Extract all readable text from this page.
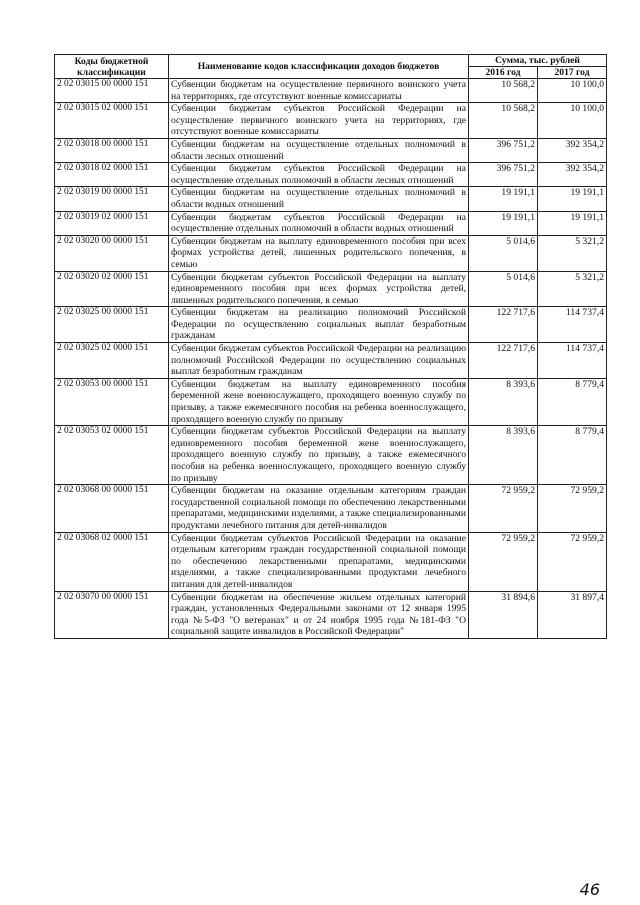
Коды бюджетной классификации	Наименование кодов классификации доходов бюджетов	Сумма, тыс. рублей	
		2016 год	2017 год
2 02 03015 00 0000 151	Субвенции бюджетам на осуществление первичного воинского учета на территориях, где отсутствуют военные комиссариаты	10 568,2	10 100,0
2 02 03015 02 0000 151	Субвенции бюджетам субъектов Российской Федерации на осуществление первичного воинского учета на территориях, где отсутствуют военные комиссариаты	10 568,2	10 100,0
2 02 03018 00 0000 151	Субвенции бюджетам на осуществление отдельных полномочий в области лесных отношений	396 751,2	392 354,2
2 02 03018 02 0000 151	Субвенции бюджетам субъектов Российской Федерации на осуществление отдельных полномочий в области лесных отношений	396 751,2	392 354,2
2 02 03019 00 0000 151	Субвенции бюджетам на осуществление отдельных полномочий в области водных отношений	19 191,1	19 191,1
2 02 03019 02 0000 151	Субвенции бюджетам субъектов Российской Федерации на осуществление отдельных полномочий в области водных отношений	19 191,1	19 191,1
2 02 03020 00 0000 151	Субвенции бюджетам на выплату единовременного пособия при всех формах устройства детей, лишенных родительского попечения, в семью	5 014,6	5 321,2
2 02 03020 02 0000 151	Субвенции бюджетам субъектов Российской Федерации на выплату единовременного пособия при всех формах устройства детей, лишенных родительского попечения, в семью	5 014,6	5 321,2
2 02 03025 00 0000 151	Субвенции бюджетам на реализацию полномочий Российской Федерации по осуществлению социальных выплат безработным гражданам	122 717,6	114 737,4
2 02 03025 02 0000 151	Субвенции бюджетам субъектов Российской Федерации на реализацию полномочий Российской Федерации по осуществлению социальных выплат безработным гражданам	122 717,6	114 737,4
2 02 03053 00 0000 151	Субвенции бюджетам на выплату единовременного пособия беременной жене военнослужащего, проходящего военную службу по призыву, а также ежемесячного пособия на ребенка военнослужащего, проходящего военную службу по призыву	8 393,6	8 779,4
2 02 03053 02 0000 151	Субвенции бюджетам субъектов Российской Федерации на выплату единовременного пособия беременной жене военнослужащего, проходящего военную службу по призыву, а также ежемесячного пособия на ребенка военнослужащего, проходящего военную службу по призыву	8 393,6	8 779,4
2 02 03068 00 0000 151	Субвенции бюджетам на оказание отдельным категориям граждан государственной социальной помощи по обеспечению лекарственными препаратами, медицинскими изделиями, а также специализированными продуктами лечебного питания для детей-инвалидов	72 959,2	72 959,2
2 02 03068 02 0000 151	Субвенции бюджетам субъектов Российской Федерации на оказание отдельным категориям граждан государственной социальной помощи по обеспечению лекарственными препаратами, медицинскими изделиями, а также специализированными продуктами лечебного питания для детей-инвалидов	72 959,2	72 959,2
2 02 03070 00 0000 151	Субвенции бюджетам на обеспечение жильем отдельных категорий граждан, установленных Федеральными законами от 12 января 1995 года №5-ФЗ "О ветеранах" и от 24 ноября 1995 года №181-ФЗ "О социальной защите инвалидов в Российской Федерации"	31 894,6	31 897,4
46
